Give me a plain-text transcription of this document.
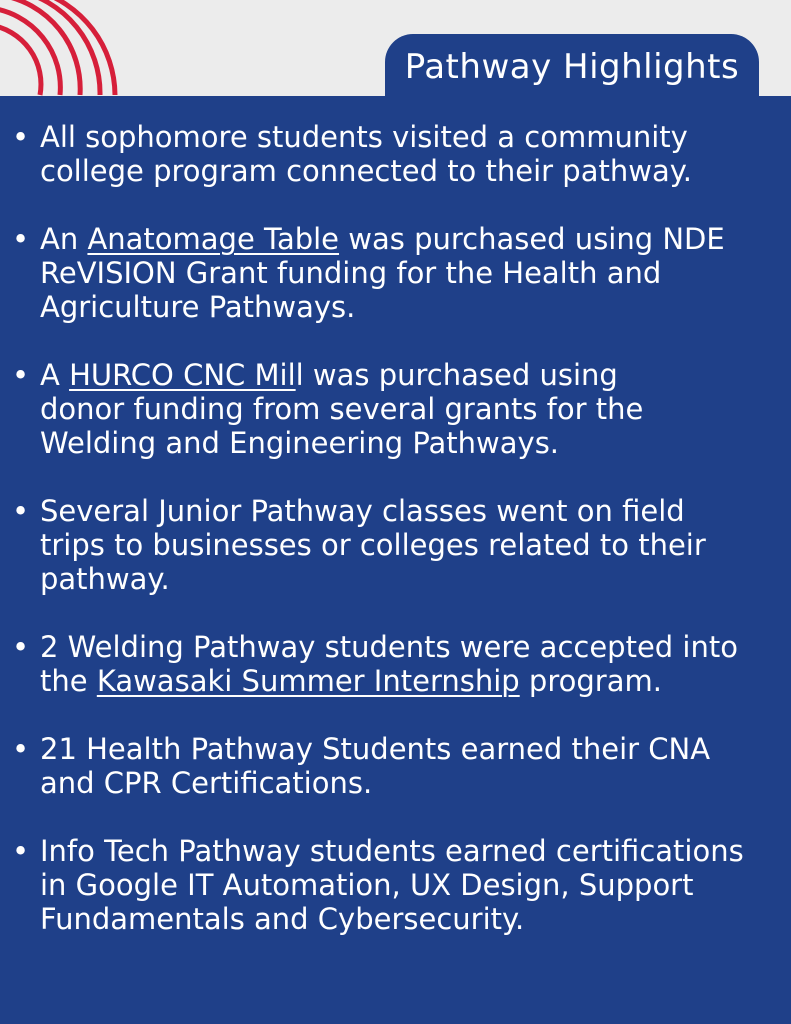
Pathway Highlights
• All sophomore students visited a community
college program connected to their pathway.
• An Anatomage Table was purchased using NDE
ReVISION Grant funding for the Health and
Agriculture Pathways.
• A HURCO CNC Mill was purchased using
donor funding from several grants for the
Welding and Engineering Pathways.
• Several Junior Pathway classes went on field
trips to businesses or colleges related to their
pathway.
• 2 Welding Pathway students were accepted into
the Kawasaki Summer Internship program.
• 21 Health Pathway Students earned their CNA
and CPR Certifications.
• Info Tech Pathway students earned certifications
in Google IT Automation, UX Design, Support
Fundamentals and Cybersecurity.
